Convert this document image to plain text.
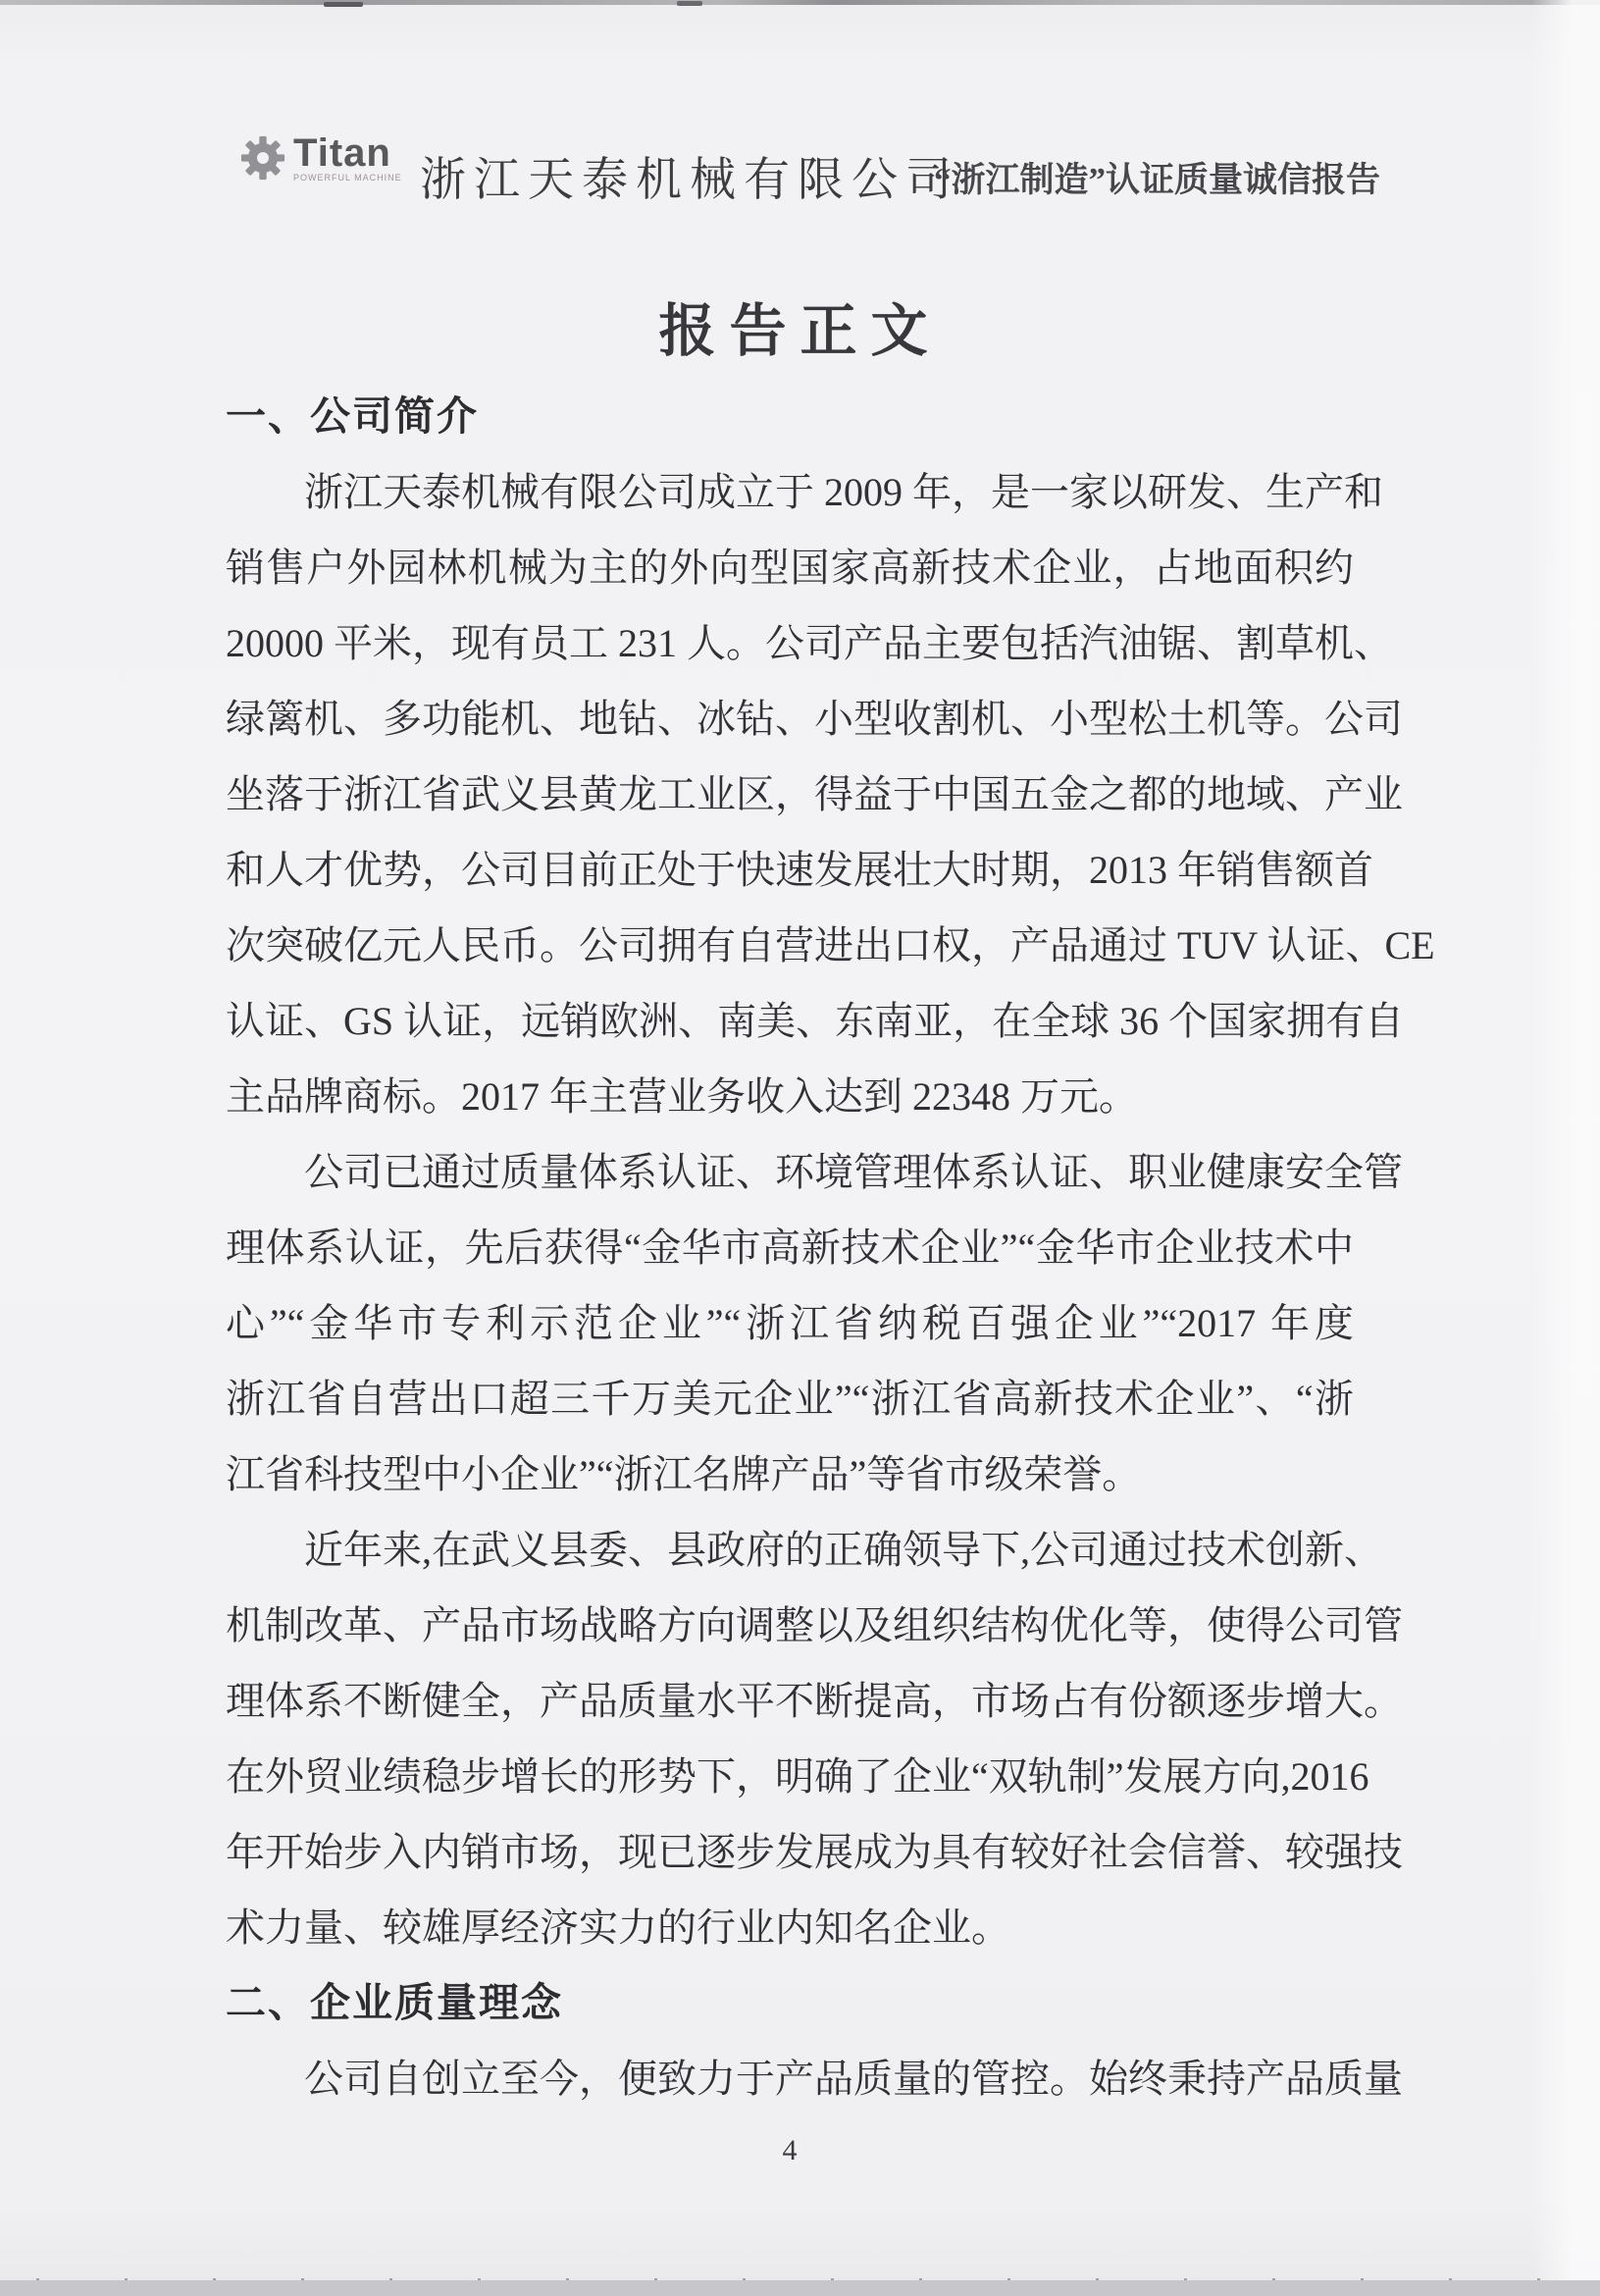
Titan
POWERFUL MACHINE 浙江天泰机械有限公司
“浙江制造”认证质量诚信报告
报告正文
一、公司简介
浙江天泰机械有限公司成立于 2009 年，是一家以研发、生产和
销售户外园林机械为主的外向型国家高新技术企业，占地面积约
20000 平米，现有员工 231 人。公司产品主要包括汽油锯、割草机、
绿篱机、多功能机、地钻、冰钻、小型收割机、小型松土机等。公司
坐落于浙江省武义县黄龙工业区，得益于中国五金之都的地域、产业
和人才优势，公司目前正处于快速发展壮大时期，2013 年销售额首
次突破亿元人民币。公司拥有自营进出口权，产品通过 TUV 认证、CE
认证、GS 认证，远销欧洲、南美、东南亚，在全球 36 个国家拥有自
主品牌商标。2017 年主营业务收入达到 22348 万元。
公司已通过质量体系认证、环境管理体系认证、职业健康安全管
理体系认证，先后获得“金华市高新技术企业”“金华市企业技术中
心”“金华市专利示范企业”“浙江省纳税百强企业”“2017 年度
浙江省自营出口超三千万美元企业”“浙江省高新技术企业”、“浙
江省科技型中小企业”“浙江名牌产品”等省市级荣誉。
近年来,在武义县委、县政府的正确领导下,公司通过技术创新、
机制改革、产品市场战略方向调整以及组织结构优化等，使得公司管
理体系不断健全，产品质量水平不断提高，市场占有份额逐步增大。
在外贸业绩稳步增长的形势下，明确了企业“双轨制”发展方向,2016
年开始步入内销市场，现已逐步发展成为具有较好社会信誉、较强技
术力量、较雄厚经济实力的行业内知名企业。
二、企业质量理念
公司自创立至今，便致力于产品质量的管控。始终秉持产品质量
4
